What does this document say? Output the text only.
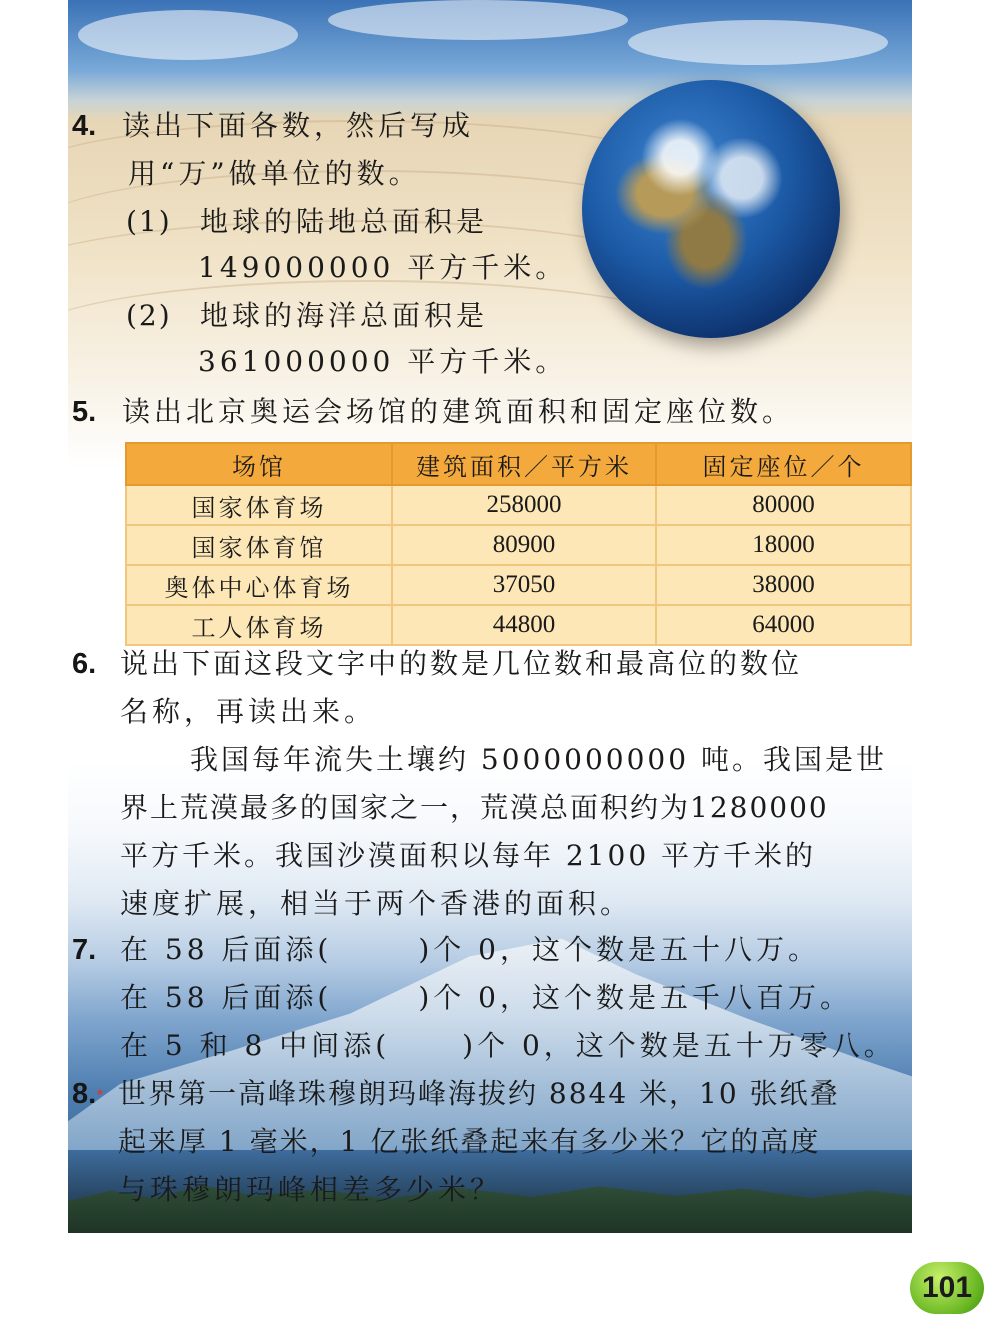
4. 读出下面各数，然后写成
用“万”做单位的数。
(1) 地球的陆地总面积是
149000000 平方千米。
(2) 地球的海洋总面积是
361000000 平方千米。
5. 读出北京奥运会场馆的建筑面积和固定座位数。
场馆	建筑面积／平方米	固定座位／个
国家体育场	258000	80000
国家体育馆	80900	18000
奥体中心体育场	37050	38000
工人体育场	44800	64000
6. 说出下面这段文字中的数是几位数和最高位的数位
名称，再读出来。
我国每年流失土壤约 5000000000 吨。我国是世
界上荒漠最多的国家之一，荒漠总面积约为1280000
平方千米。我国沙漠面积以每年 2100 平方千米的
速度扩展，相当于两个香港的面积。
7. 在 58 后面添(	)个 0，这个数是五十八万。
在 58 后面添(	)个 0，这个数是五千八百万。
在 5 和 8 中间添(	)个 0，这个数是五十万零八。
8.* 世界第一高峰珠穆朗玛峰海拔约 8844 米，10 张纸叠
起来厚 1 毫米，1 亿张纸叠起来有多少米？它的高度
与珠穆朗玛峰相差多少米？
101
